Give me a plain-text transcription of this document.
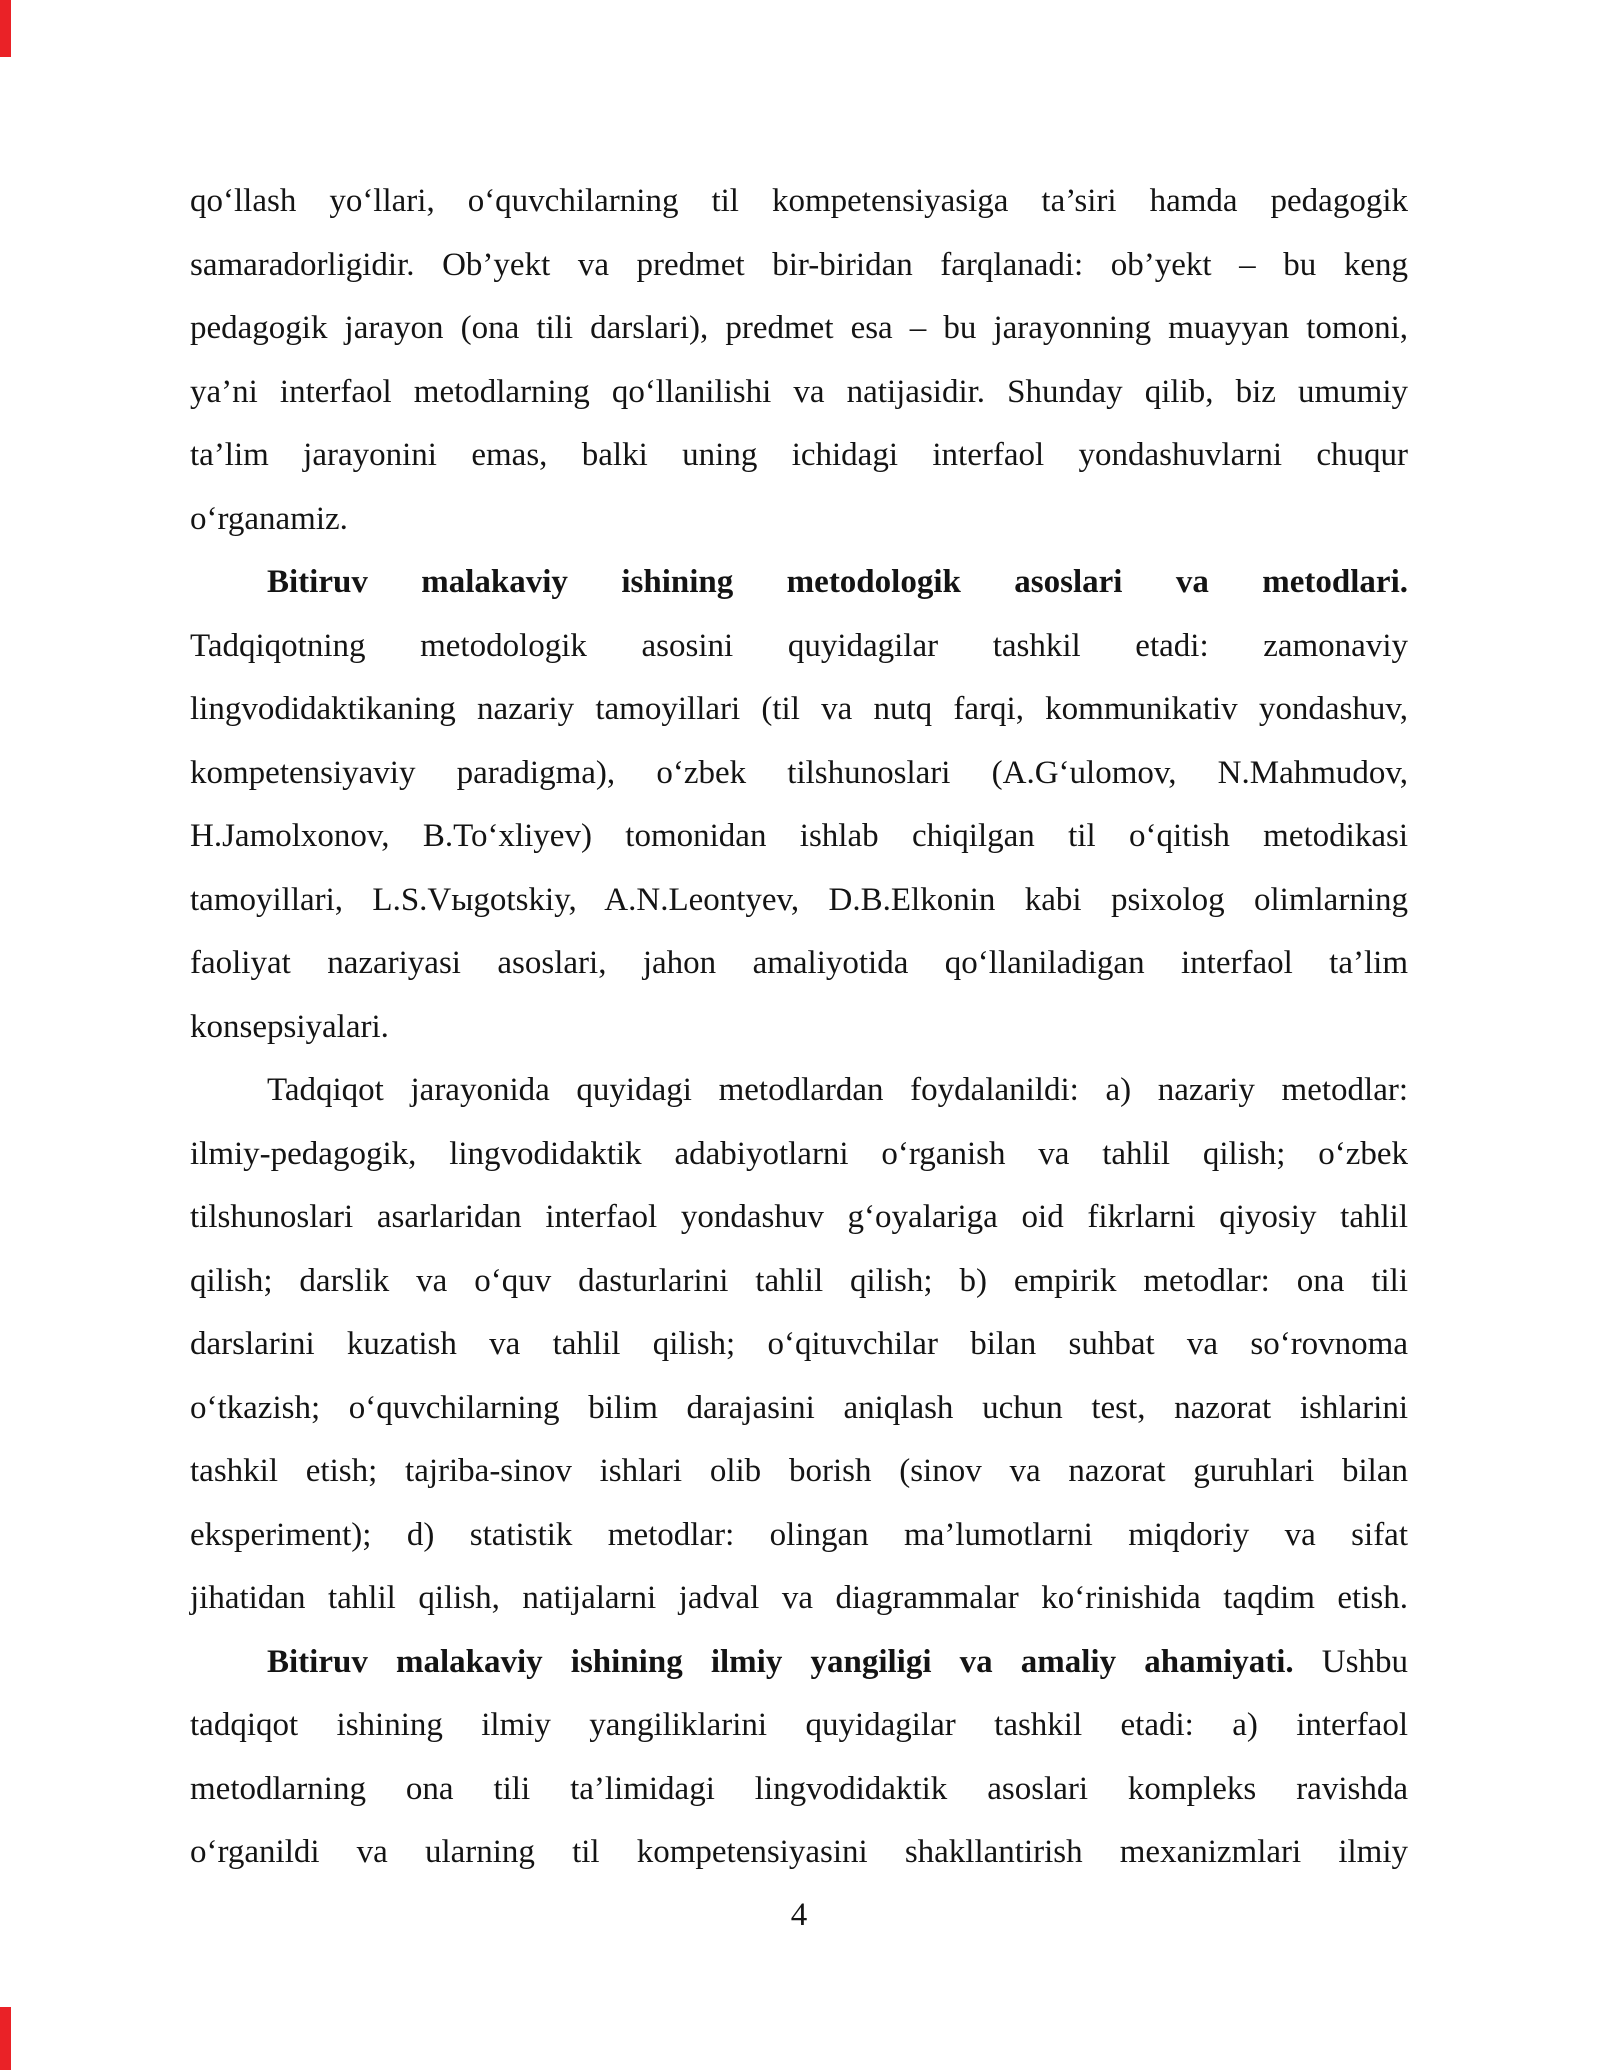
qo‘llash yo‘llari, o‘quvchilarning til kompetensiyasiga ta’siri hamda pedagogik
samaradorligidir. Ob’yekt va predmet bir-biridan farqlanadi: ob’yekt – bu keng
pedagogik jarayon (ona tili darslari), predmet esa – bu jarayonning muayyan tomoni,
ya’ni interfaol metodlarning qo‘llanilishi va natijasidir. Shunday qilib, biz umumiy
ta’lim jarayonini emas, balki uning ichidagi interfaol yondashuvlarni chuqur
o‘rganamiz.
Bitiruv malakaviy ishining metodologik asoslari va metodlari.
Tadqiqotning metodologik asosini quyidagilar tashkil etadi: zamonaviy
lingvodidaktikaning nazariy tamoyillari (til va nutq farqi, kommunikativ yondashuv,
kompetensiyaviy paradigma), o‘zbek tilshunoslari (A.G‘ulomov, N.Mahmudov,
H.Jamolxonov, B.To‘xliyev) tomonidan ishlab chiqilgan til o‘qitish metodikasi
tamoyillari, L.S.Vыgotskiy, A.N.Leontyev, D.B.Elkonin kabi psixolog olimlarning
faoliyat nazariyasi asoslari, jahon amaliyotida qo‘llaniladigan interfaol ta’lim
konsepsiyalari.
Tadqiqot jarayonida quyidagi metodlardan foydalanildi: a) nazariy metodlar:
ilmiy-pedagogik, lingvodidaktik adabiyotlarni o‘rganish va tahlil qilish; o‘zbek
tilshunoslari asarlaridan interfaol yondashuv g‘oyalariga oid fikrlarni qiyosiy tahlil
qilish; darslik va o‘quv dasturlarini tahlil qilish; b) empirik metodlar: ona tili
darslarini kuzatish va tahlil qilish; o‘qituvchilar bilan suhbat va so‘rovnoma
o‘tkazish; o‘quvchilarning bilim darajasini aniqlash uchun test, nazorat ishlarini
tashkil etish; tajriba-sinov ishlari olib borish (sinov va nazorat guruhlari bilan
eksperiment); d) statistik metodlar: olingan ma’lumotlarni miqdoriy va sifat
jihatidan tahlil qilish, natijalarni jadval va diagrammalar ko‘rinishida taqdim etish.
Bitiruv malakaviy ishining ilmiy yangiligi va amaliy ahamiyati. Ushbu
tadqiqot ishining ilmiy yangiliklarini quyidagilar tashkil etadi: a) interfaol
metodlarning ona tili ta’limidagi lingvodidaktik asoslari kompleks ravishda
o‘rganildi va ularning til kompetensiyasini shakllantirish mexanizmlari ilmiy
4
